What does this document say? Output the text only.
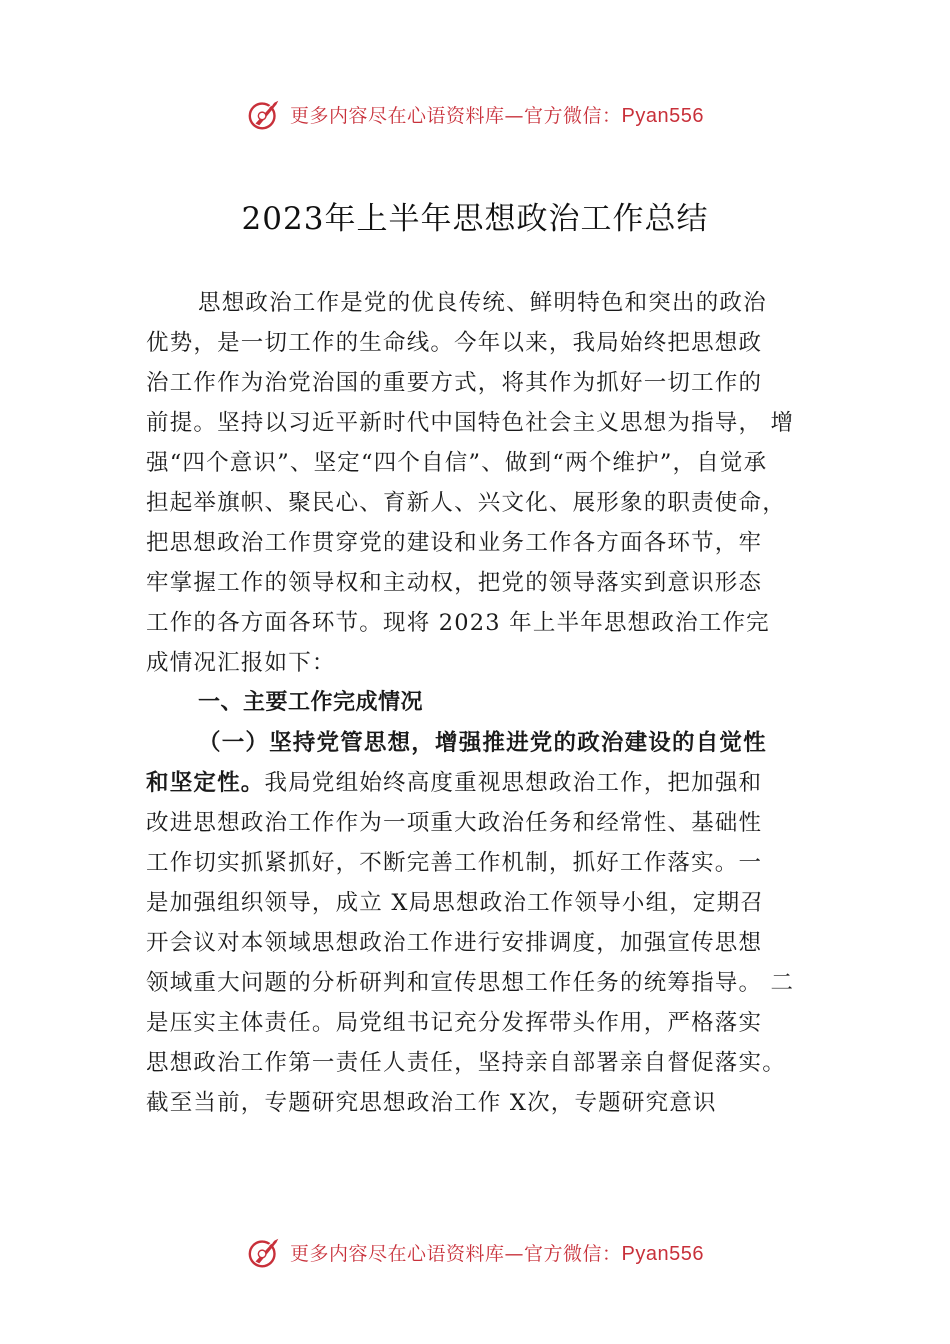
更多内容尽在心语资料库—官方微信：Pyan556
2023年上半年思想政治工作总结
思想政治工作是党的优良传统、鲜明特色和突出的政治
优势，是一切工作的生命线。今年以来，我局始终把思想政
治工作作为治党治国的重要方式，将其作为抓好一切工作的
前提。坚持以习近平新时代中国特色社会主义思想为指导， 增
强“四个意识”、坚定“四个自信”、做到“两个维护”，自觉承
担起举旗帜、聚民心、育新人、兴文化、展形象的职责使命，
把思想政治工作贯穿党的建设和业务工作各方面各环节，牢
牢掌握工作的领导权和主动权，把党的领导落实到意识形态
工作的各方面各环节。现将 2023 年上半年思想政治工作完
成情况汇报如下：
一、主要工作完成情况
（一）坚持党管思想，增强推进党的政治建设的自觉性
和坚定性。我局党组始终高度重视思想政治工作，把加强和
改进思想政治工作作为一项重大政治任务和经常性、基础性
工作切实抓紧抓好，不断完善工作机制，抓好工作落实。一
是加强组织领导，成立 X局思想政治工作领导小组，定期召
开会议对本领域思想政治工作进行安排调度，加强宣传思想
领域重大问题的分析研判和宣传思想工作任务的统筹指导。 二
是压实主体责任。局党组书记充分发挥带头作用，严格落实
思想政治工作第一责任人责任，坚持亲自部署亲自督促落实。
截至当前，专题研究思想政治工作 X次，专题研究意识
更多内容尽在心语资料库—官方微信：Pyan556
